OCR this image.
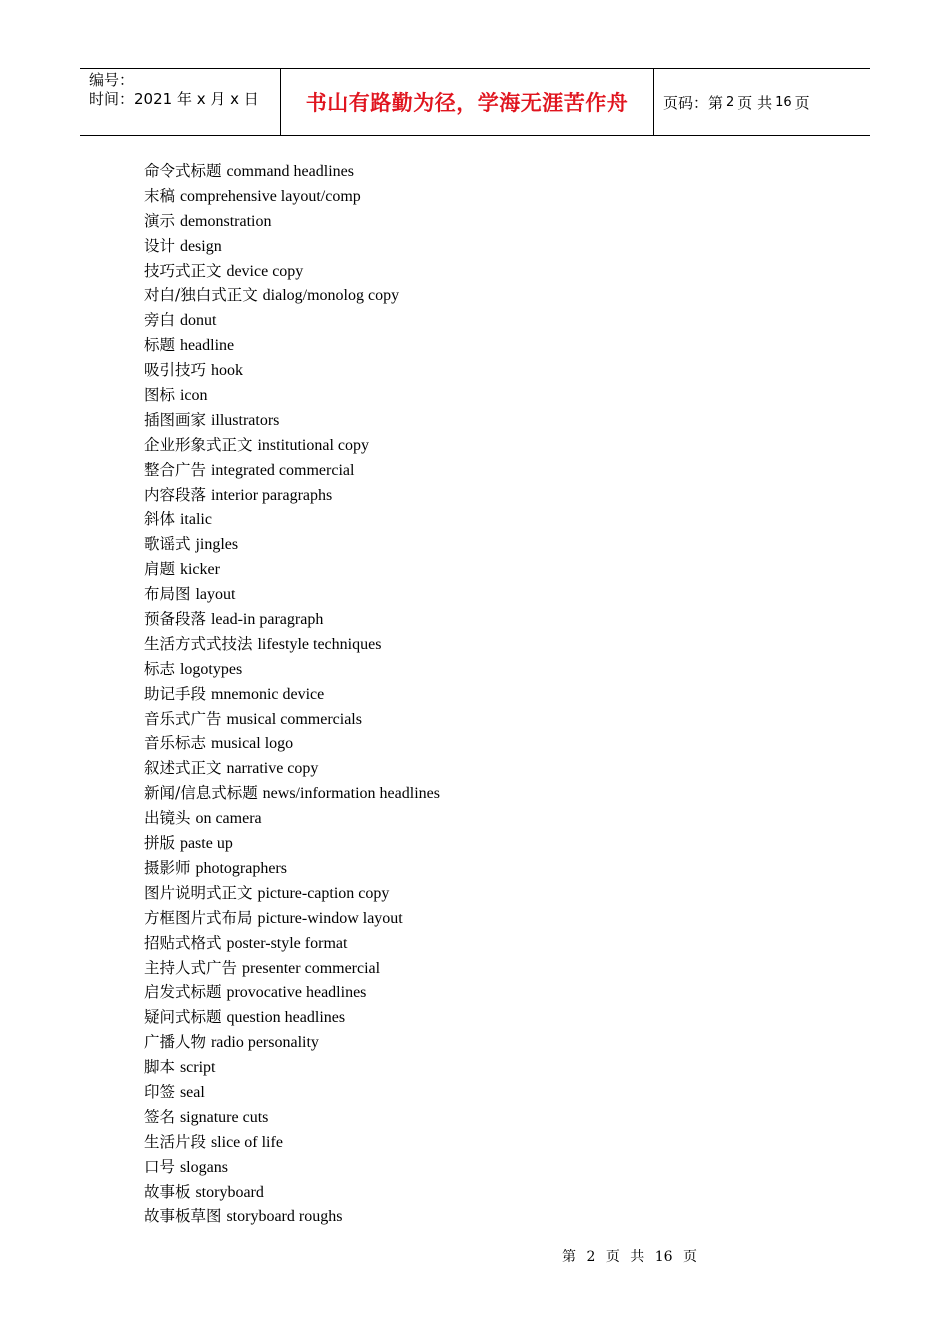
编号：
时间：2021 年 x 月 x 日	书山有路勤为径，学海无涯苦作舟	页码：第 2 页 共 16 页
命令式标题 command headlines
末稿 comprehensive layout/comp
演示 demonstration
设计 design
技巧式正文 device copy
对白/独白式正文 dialog/monolog copy
旁白 donut
标题 headline
吸引技巧 hook
图标 icon
插图画家 illustrators
企业形象式正文 institutional copy
整合广告 integrated commercial
内容段落 interior paragraphs
斜体 italic
歌谣式 jingles
肩题 kicker
布局图 layout
预备段落 lead-in paragraph
生活方式式技法 lifestyle techniques
标志 logotypes
助记手段 mnemonic device
音乐式广告 musical commercials
音乐标志 musical logo
叙述式正文 narrative copy
新闻/信息式标题 news/information headlines
出镜头 on camera
拼版 paste up
摄影师 photographers
图片说明式正文 picture-caption copy
方框图片式布局 picture-window layout
招贴式格式 poster-style format
主持人式广告 presenter commercial
启发式标题 provocative headlines
疑问式标题 question headlines
广播人物 radio personality
脚本 script
印签 seal
签名 signature cuts
生活片段 slice of life
口号 slogans
故事板 storyboard
故事板草图 storyboard roughs
第 2 页 共 16 页
